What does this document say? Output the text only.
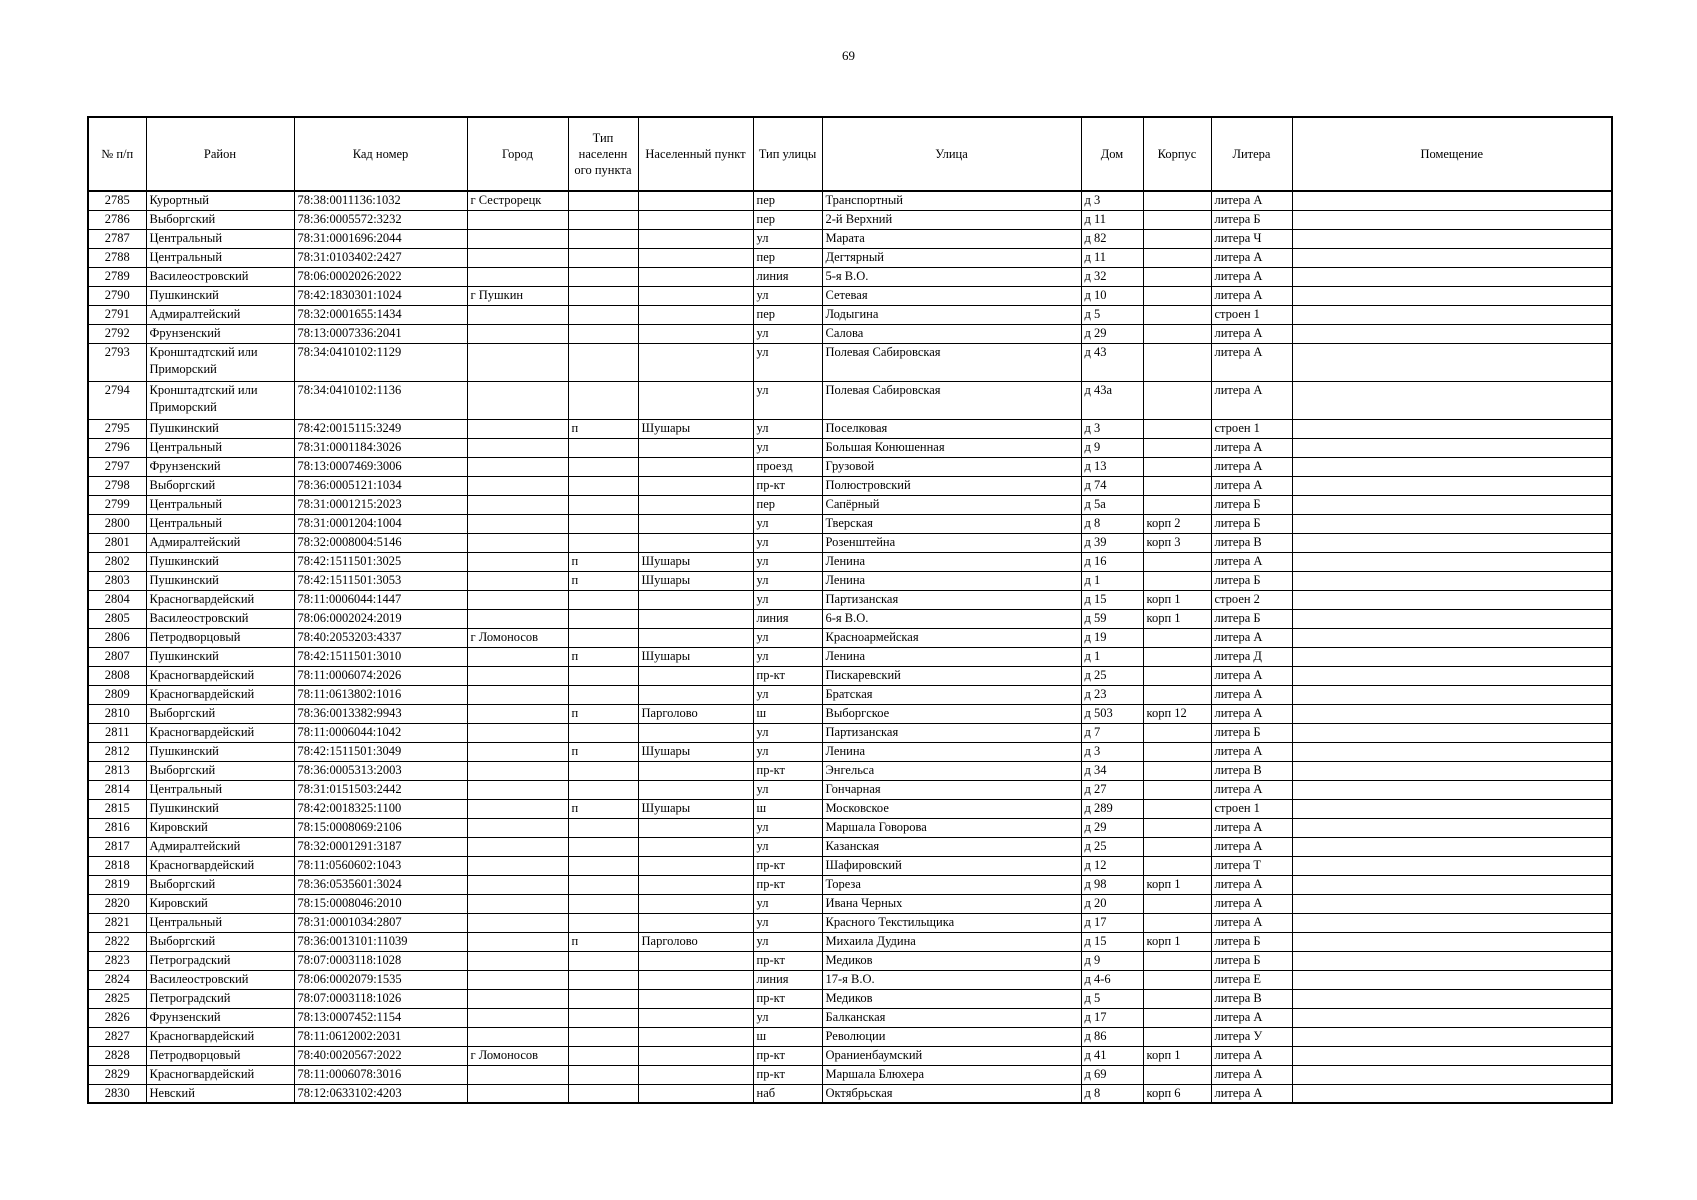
69
№ п/п	Район	Кад номер	Город	Тип населенн ого пункта	Населенный пункт	Тип улицы	Улица	Дом	Корпус	Литера	Помещение
2785	Курортный	78:38:0011136:1032	г Сестрорецк			пер	Транспортный	д 3		литера А	
2786	Выборгский	78:36:0005572:3232				пер	2-й Верхний	д 11		литера Б	
2787	Центральный	78:31:0001696:2044				ул	Марата	д 82		литера Ч	
2788	Центральный	78:31:0103402:2427				пер	Дегтярный	д 11		литера А	
2789	Василеостровский	78:06:0002026:2022				линия	5-я В.О.	д 32		литера А	
2790	Пушкинский	78:42:1830301:1024	г Пушкин			ул	Сетевая	д 10		литера А	
2791	Адмиралтейский	78:32:0001655:1434				пер	Лодыгина	д 5		строен 1	
2792	Фрунзенский	78:13:0007336:2041				ул	Салова	д 29		литера А	
2793	Кронштадтский или Приморский	78:34:0410102:1129				ул	Полевая Сабировская	д 43		литера А	
2794	Кронштадтский или Приморский	78:34:0410102:1136				ул	Полевая Сабировская	д 43а		литера А	
2795	Пушкинский	78:42:0015115:3249		п	Шушары	ул	Поселковая	д 3		строен 1	
2796	Центральный	78:31:0001184:3026				ул	Большая Конюшенная	д 9		литера А	
2797	Фрунзенский	78:13:0007469:3006				проезд	Грузовой	д 13		литера А	
2798	Выборгский	78:36:0005121:1034				пр-кт	Полюстровский	д 74		литера А	
2799	Центральный	78:31:0001215:2023				пер	Сапёрный	д 5а		литера Б	
2800	Центральный	78:31:0001204:1004				ул	Тверская	д 8	корп 2	литера Б	
2801	Адмиралтейский	78:32:0008004:5146				ул	Розенштейна	д 39	корп 3	литера В	
2802	Пушкинский	78:42:1511501:3025		п	Шушары	ул	Ленина	д 16		литера А	
2803	Пушкинский	78:42:1511501:3053		п	Шушары	ул	Ленина	д 1		литера Б	
2804	Красногвардейский	78:11:0006044:1447				ул	Партизанская	д 15	корп 1	строен 2	
2805	Василеостровский	78:06:0002024:2019				линия	6-я В.О.	д 59	корп 1	литера Б	
2806	Петродворцовый	78:40:2053203:4337	г Ломоносов			ул	Красноармейская	д 19		литера А	
2807	Пушкинский	78:42:1511501:3010		п	Шушары	ул	Ленина	д 1		литера Д	
2808	Красногвардейский	78:11:0006074:2026				пр-кт	Пискаревский	д 25		литера А	
2809	Красногвардейский	78:11:0613802:1016				ул	Братская	д 23		литера А	
2810	Выборгский	78:36:0013382:9943		п	Парголово	ш	Выборгское	д 503	корп 12	литера А	
2811	Красногвардейский	78:11:0006044:1042				ул	Партизанская	д 7		литера Б	
2812	Пушкинский	78:42:1511501:3049		п	Шушары	ул	Ленина	д 3		литера А	
2813	Выборгский	78:36:0005313:2003				пр-кт	Энгельса	д 34		литера В	
2814	Центральный	78:31:0151503:2442				ул	Гончарная	д 27		литера А	
2815	Пушкинский	78:42:0018325:1100		п	Шушары	ш	Московское	д 289		строен 1	
2816	Кировский	78:15:0008069:2106				ул	Маршала Говорова	д 29		литера А	
2817	Адмиралтейский	78:32:0001291:3187				ул	Казанская	д 25		литера А	
2818	Красногвардейский	78:11:0560602:1043				пр-кт	Шафировский	д 12		литера Т	
2819	Выборгский	78:36:0535601:3024				пр-кт	Тореза	д 98	корп 1	литера А	
2820	Кировский	78:15:0008046:2010				ул	Ивана Черных	д 20		литера А	
2821	Центральный	78:31:0001034:2807				ул	Красного Текстильщика	д 17		литера А	
2822	Выборгский	78:36:0013101:11039		п	Парголово	ул	Михаила Дудина	д 15	корп 1	литера Б	
2823	Петроградский	78:07:0003118:1028				пр-кт	Медиков	д 9		литера Б	
2824	Василеостровский	78:06:0002079:1535				линия	17-я В.О.	д 4-6		литера Е	
2825	Петроградский	78:07:0003118:1026				пр-кт	Медиков	д 5		литера В	
2826	Фрунзенский	78:13:0007452:1154				ул	Балканская	д 17		литера А	
2827	Красногвардейский	78:11:0612002:2031				ш	Революции	д 86		литера У	
2828	Петродворцовый	78:40:0020567:2022	г Ломоносов			пр-кт	Ораниенбаумский	д 41	корп 1	литера А	
2829	Красногвардейский	78:11:0006078:3016				пр-кт	Маршала Блюхера	д 69		литера А	
2830	Невский	78:12:0633102:4203				наб	Октябрьская	д 8	корп 6	литера А	
